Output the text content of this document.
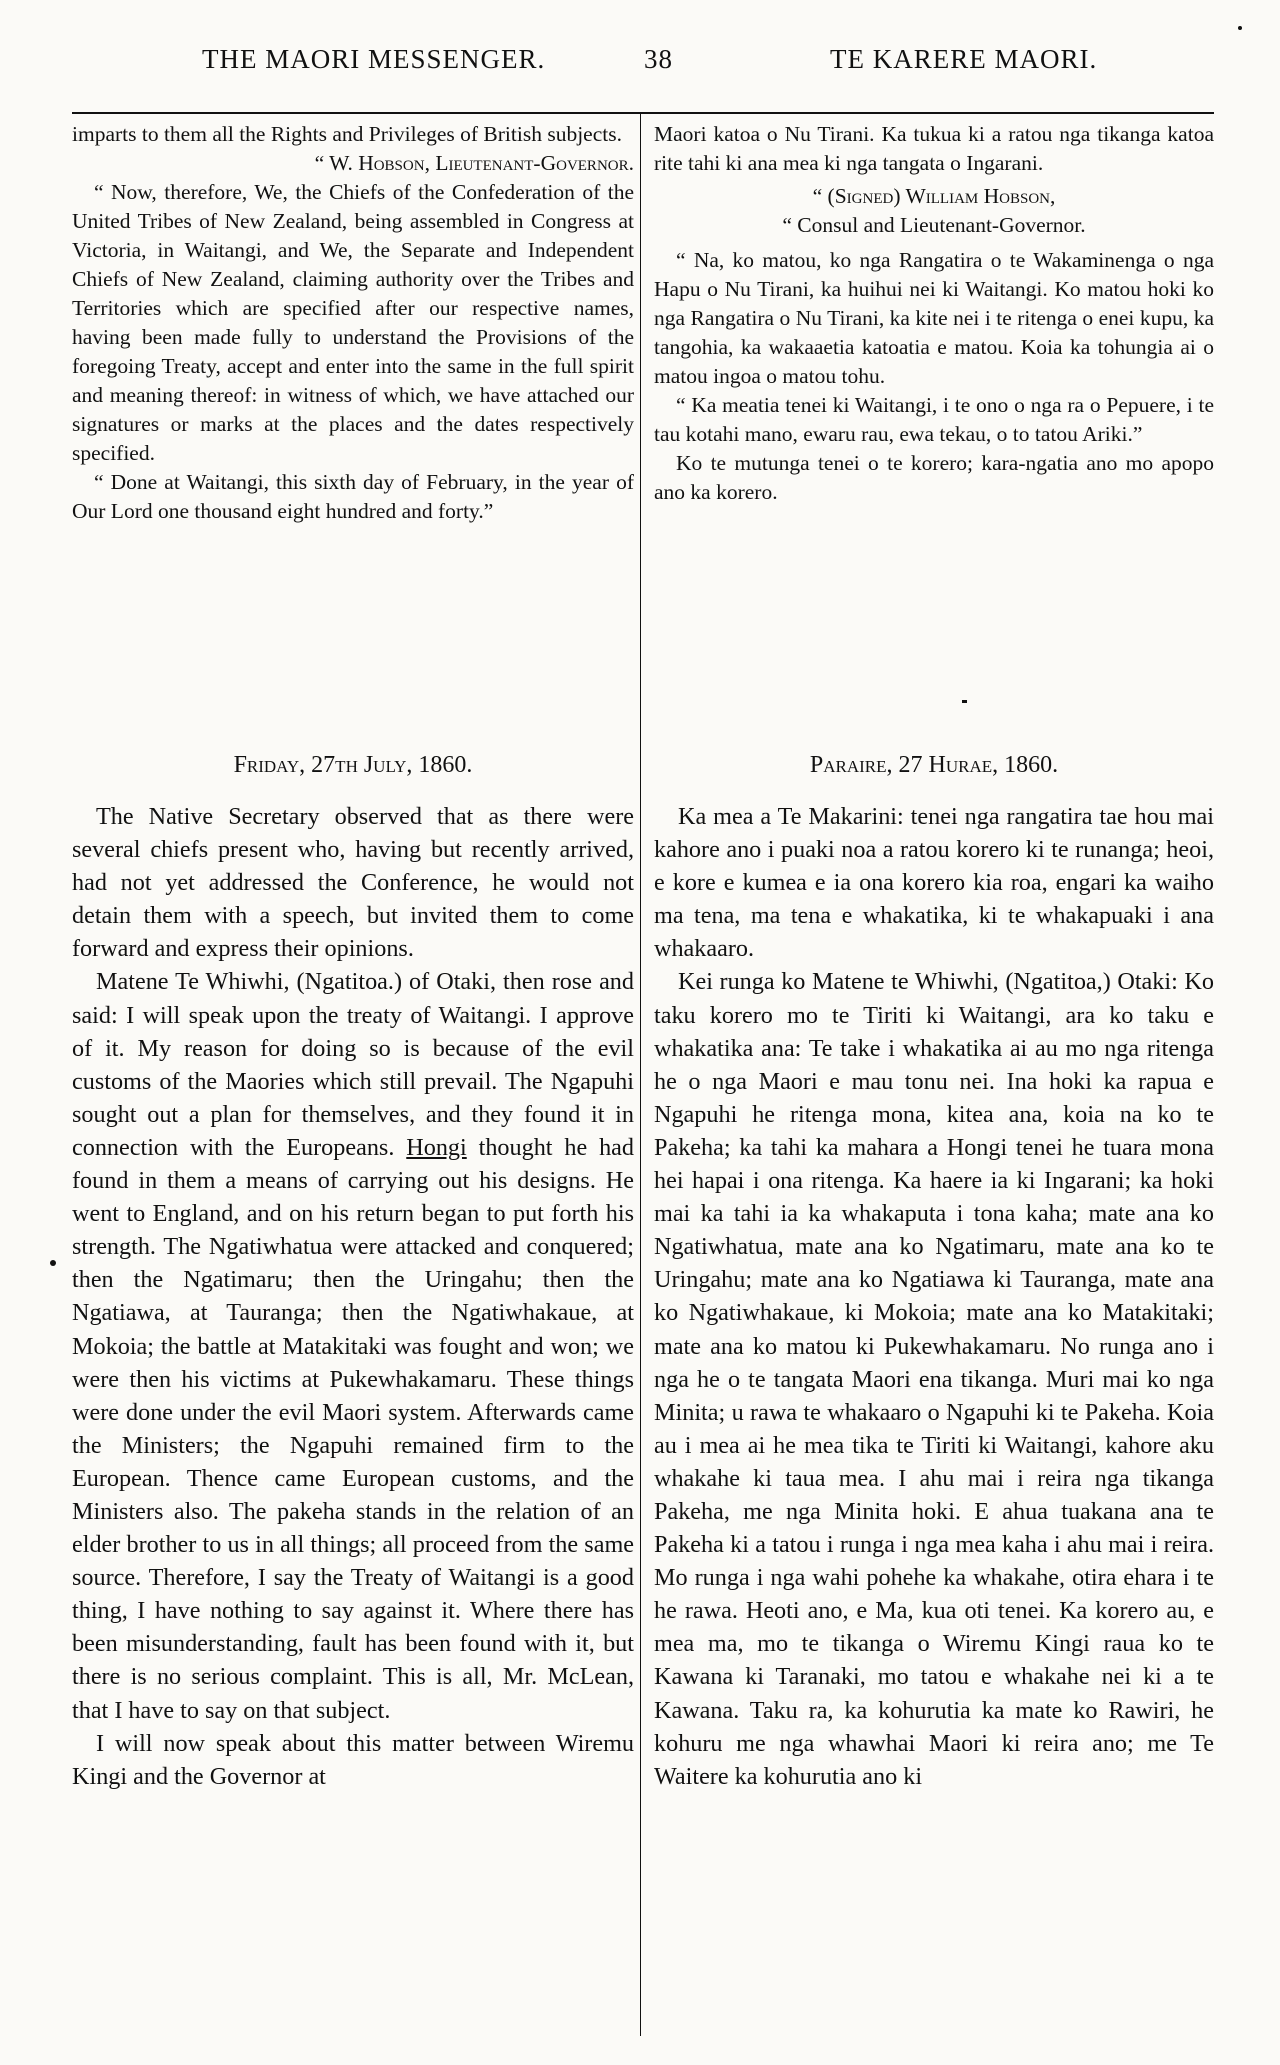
THE MAORI MESSENGER.	38	TE KARERE MAORI.

imparts to them all the Rights and Privileges of British subjects.

“ W. Hobson, Lieutenant-Governor.

“ Now, therefore, We, the Chiefs of the Confederation of the United Tribes of New Zealand, being assembled in Congress at Victoria, in Waitangi, and We, the Separate and Independent Chiefs of New Zealand, claiming authority over the Tribes and Territories which are specified after our respective names, having been made fully to understand the Provisions of the foregoing Treaty, accept and enter into the same in the full spirit and meaning thereof: in witness of which, we have attached our signatures or marks at the places and the dates respectively specified.

“ Done at Waitangi, this sixth day of February, in the year of Our Lord one thousand eight hundred and forty.”

Maori katoa o Nu Tirani. Ka tukua ki a ratou nga tikanga katoa rite tahi ki ana mea ki nga tangata o Ingarani.

“ (Signed) William Hobson,

“ Consul and Lieutenant-Governor.

“ Na, ko matou, ko nga Rangatira o te Wakaminenga o nga Hapu o Nu Tirani, ka huihui nei ki Waitangi. Ko matou hoki ko nga Rangatira o Nu Tirani, ka kite nei i te ritenga o enei kupu, ka tangohia, ka wakaaetia katoatia e matou. Koia ka tohungia ai o matou ingoa o matou tohu.

“ Ka meatia tenei ki Waitangi, i te ono o nga ra o Pepuere, i te tau kotahi mano, ewaru rau, ewa tekau, o to tatou Ariki.”

Ko te mutunga tenei o te korero; kara-ngatia ano mo apopo ano ka korero.

Friday, 27th July, 1860.	Paraire, 27 Hurae, 1860.

The Native Secretary observed that as there were several chiefs present who, having but recently arrived, had not yet addressed the Conference, he would not detain them with a speech, but invited them to come forward and express their opinions.

Matene Te Whiwhi, (Ngatitoa.) of Otaki, then rose and said: I will speak upon the treaty of Waitangi. I approve of it. My reason for doing so is because of the evil customs of the Maories which still prevail. The Ngapuhi sought out a plan for themselves, and they found it in connection with the Europeans. Hongi thought he had found in them a means of carrying out his designs. He went to England, and on his return began to put forth his strength. The Ngatiwhatua were attacked and conquered; then the Ngatimaru; then the Uringahu; then the Ngatiawa, at Tauranga; then the Ngatiwhakaue, at Mokoia; the battle at Matakitaki was fought and won; we were then his victims at Pukewhakamaru. These things were done under the evil Maori system. Afterwards came the Ministers; the Ngapuhi remained firm to the European. Thence came European customs, and the Ministers also. The pakeha stands in the relation of an elder brother to us in all things; all proceed from the same source. Therefore, I say the Treaty of Waitangi is a good thing, I have nothing to say against it. Where there has been misunderstanding, fault has been found with it, but there is no serious complaint. This is all, Mr. McLean, that I have to say on that subject.

I will now speak about this matter between Wiremu Kingi and the Governor at

Ka mea a Te Makarini: tenei nga rangatira tae hou mai kahore ano i puaki noa a ratou korero ki te runanga; heoi, e kore e kumea e ia ona korero kia roa, engari ka waiho ma tena, ma tena e whakatika, ki te whakapuaki i ana whakaaro.

Kei runga ko Matene te Whiwhi, (Ngatitoa,) Otaki: Ko taku korero mo te Tiriti ki Waitangi, ara ko taku e whakatika ana: Te take i whakatika ai au mo nga ritenga he o nga Maori e mau tonu nei. Ina hoki ka rapua e Ngapuhi he ritenga mona, kitea ana, koia na ko te Pakeha; ka tahi ka mahara a Hongi tenei he tuara mona hei hapai i ona ritenga. Ka haere ia ki Ingarani; ka hoki mai ka tahi ia ka whakaputa i tona kaha; mate ana ko Ngatiwhatua, mate ana ko Ngatimaru, mate ana ko te Uringahu; mate ana ko Ngatiawa ki Tauranga, mate ana ko Ngatiwhakaue, ki Mokoia; mate ana ko Matakitaki; mate ana ko matou ki Pukewhakamaru. No runga ano i nga he o te tangata Maori ena tikanga. Muri mai ko nga Minita; u rawa te whakaaro o Ngapuhi ki te Pakeha. Koia au i mea ai he mea tika te Tiriti ki Waitangi, kahore aku whakahe ki taua mea. I ahu mai i reira nga tikanga Pakeha, me nga Minita hoki. E ahua tuakana ana te Pakeha ki a tatou i runga i nga mea kaha i ahu mai i reira. Mo runga i nga wahi pohehe ka whakahe, otira ehara i te he rawa. Heoti ano, e Ma, kua oti tenei. Ka korero au, e mea ma, mo te tikanga o Wiremu Kingi raua ko te Kawana ki Taranaki, mo tatou e whakahe nei ki a te Kawana. Taku ra, ka kohurutia ka mate ko Rawiri, he kohuru me nga whawhai Maori ki reira ano; me Te Waitere ka kohurutia ano ki
